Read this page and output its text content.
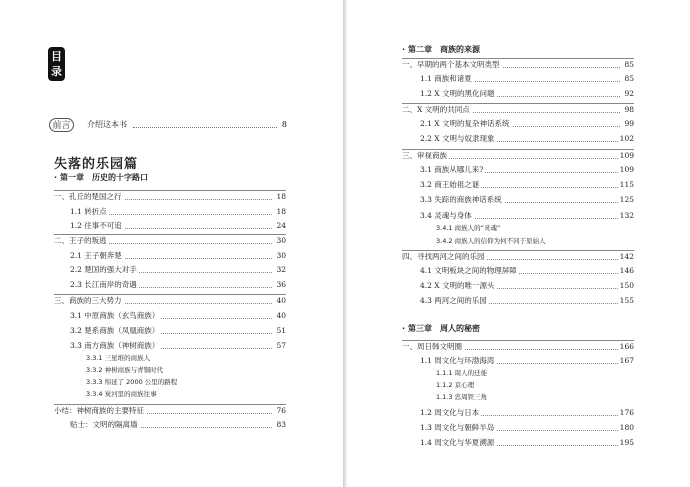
目
录
前言	介绍这本书	8
失落的乐园篇
· 第一章 历史的十字路口
一、孔丘的楚国之行	18
1.1 转折点	18
1.2 往事不可追	24
二、王子的叛逃	30
2.1 王子朝奔楚	30
2.2 楚国的强大对手	32
2.3 长江南岸的奇遇	36
三、商族的三大势力	40
3.1 中原商族（玄鸟商族）	40
3.2 楚系商族（凤凰商族）	51
3.3 南方商族（神树商族）	57
3.3.1 三星堆的商族人
3.3.2 神树商族与青铜时代
3.3.3 绵延了 2000 公里的路程
3.3.4 炭河里的商族往事
小结：神树商族的主要特征	76
贴士：文明的隔离墙	83
· 第二章 商族的来源
一、早期的两个基本文明类型	85
1.1 商族和诸夏	85
1.2 X 文明的黑化问题	92
二、X 文明的共同点	98
2.1 X 文明的复杂神话系统	99
2.2 X 文明与奴隶现象	102
三、审视商族	109
3.1 商族从哪儿来?	109
3.2 商王始祖之谜	115
3.3 失踪的商族神话系统	125
3.4 灵魂与身体	132
3.4.1 商族人的“灵魂”
3.4.2 商族人的信仰为何不同于原始人
四、寻找两河之间的乐园	142
4.1 文明板块之间的物理屏障	146
4.2 X 文明的唯一源头	150
4.3 两河之间的乐园	155
· 第三章 周人的秘密
一、周日韩文明圈	166
1.1 周文化与环渤海湾	167
1.1.1 周人的迁徙
1.1.2 京心理
1.1.3 忠周铁三角
1.2 周文化与日本	176
1.3 周文化与朝鲜半岛	180
1.4 周文化与华夏溯源	195
